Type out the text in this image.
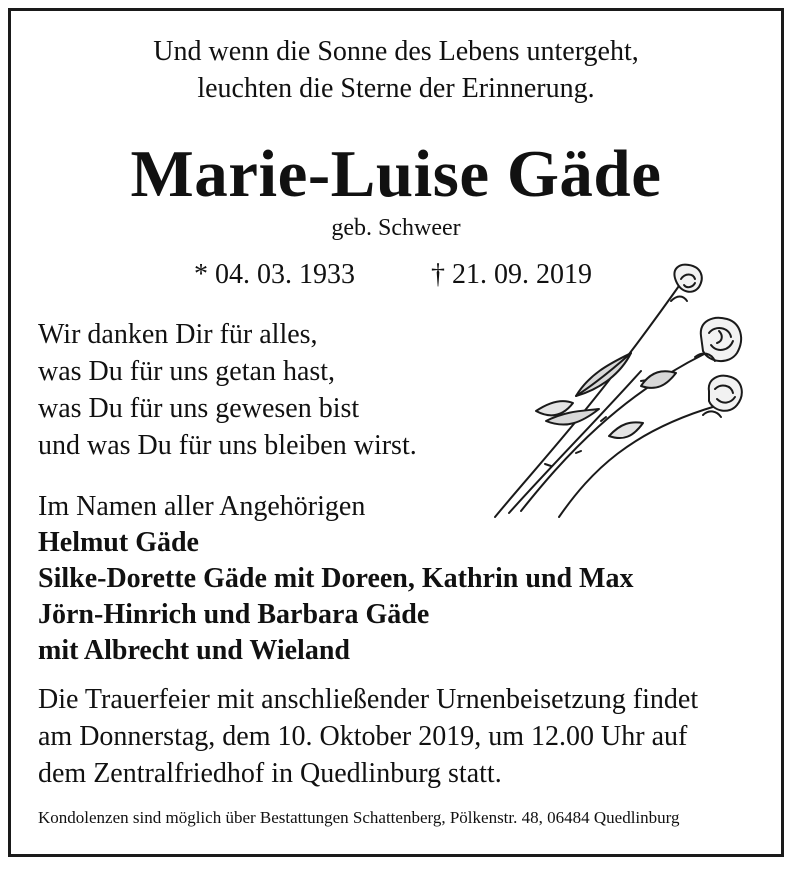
Und wenn die Sonne des Lebens untergeht,
leuchten die Sterne der Erinnerung.
Marie-Luise Gäde
geb. Schweer
* 04. 03. 1933	† 21. 09. 2019
Wir danken Dir für alles,
was Du für uns getan hast,
was Du für uns gewesen bist
und was Du für uns bleiben wirst.
Im Namen aller Angehörigen
Helmut Gäde
Silke-Dorette Gäde mit Doreen, Kathrin und Max
Jörn-Hinrich und Barbara Gäde
mit Albrecht und Wieland
Die Trauerfeier mit anschließender Urnenbeisetzung findet
am Donnerstag, dem 10. Oktober 2019, um 12.00 Uhr auf
dem Zentralfriedhof in Quedlinburg statt.
Kondolenzen sind möglich über Bestattungen Schattenberg, Pölkenstr. 48, 06484 Quedlinburg
